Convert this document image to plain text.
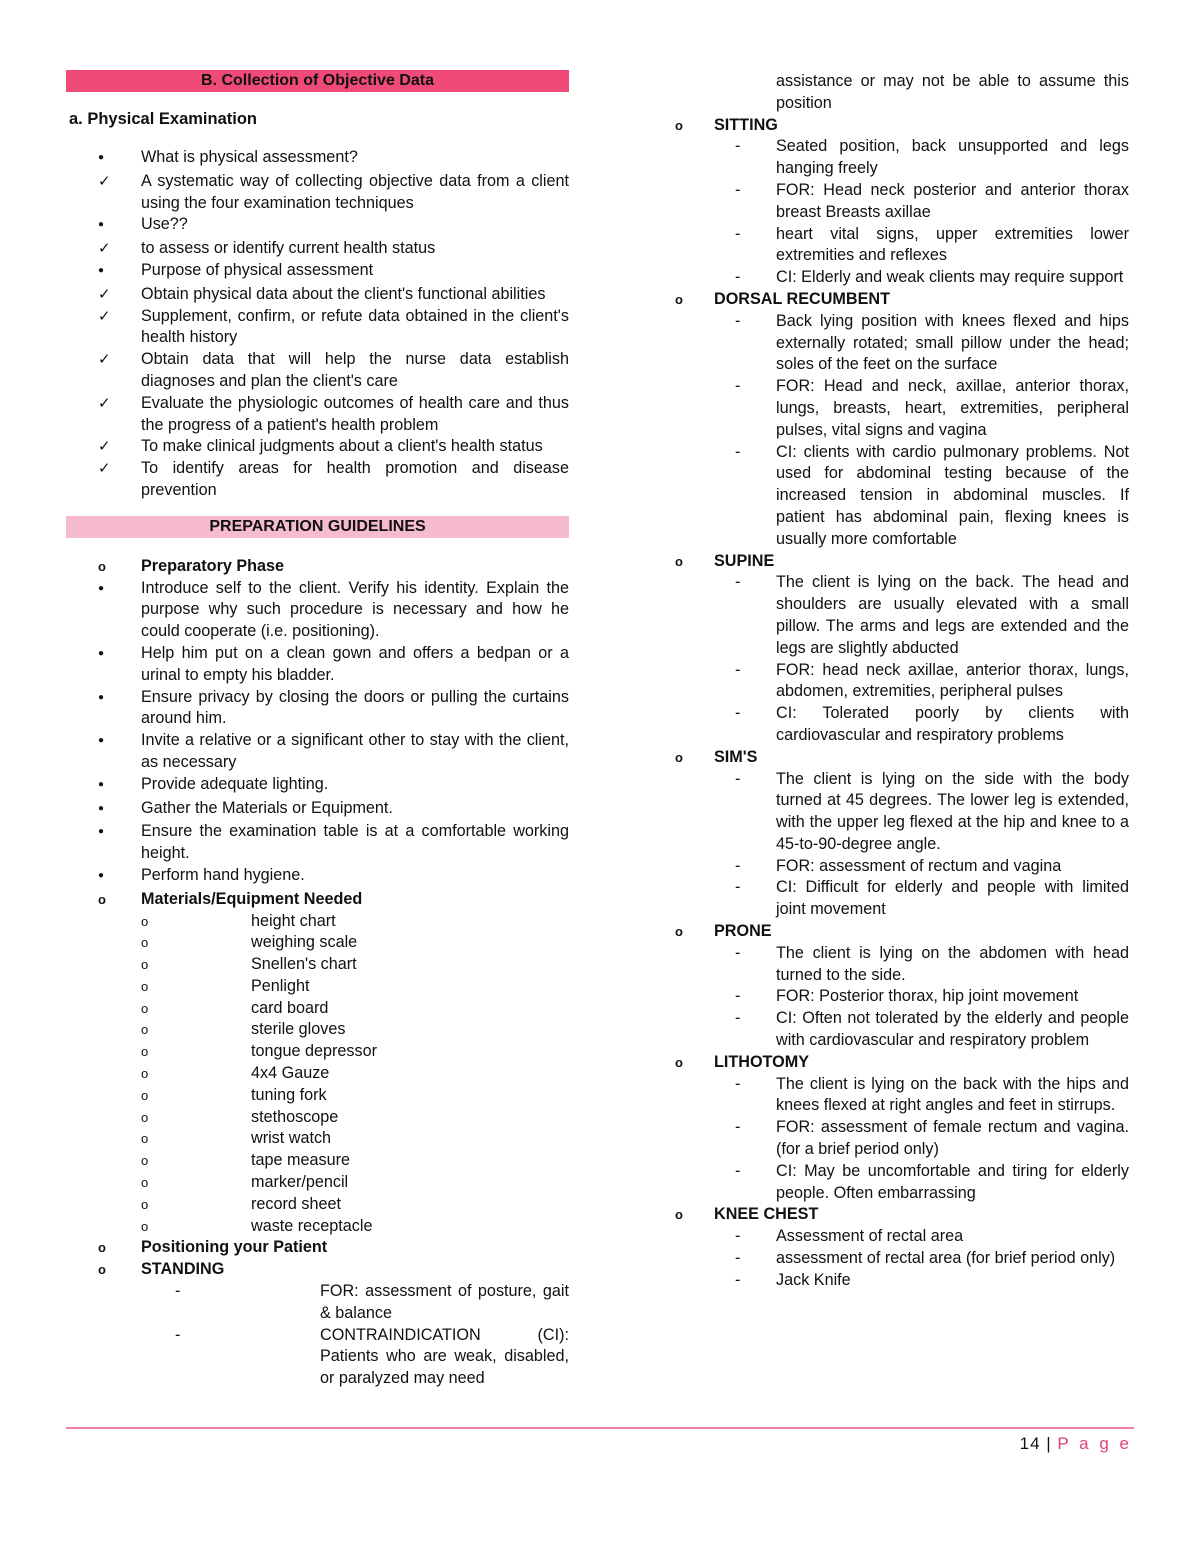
B. Collection of Objective Data
a. Physical Examination
●
What is physical assessment?
✓	A systematic way of collecting objective data from a client using the four examination techniques
●
Use??
✓	to assess or identify current health status
●
Purpose of physical assessment
✓	Obtain physical data about the client's functional abilities
✓	Supplement, confirm, or refute data obtained in the client's health history
✓	Obtain data that will help the nurse data establish diagnoses and plan the client's care
✓	Evaluate the physiologic outcomes of health care and thus the progress of a patient's health problem
✓	To make clinical judgments about a client's health status
✓	To identify areas for health promotion and disease prevention
PREPARATION GUIDELINES
o	Preparatory Phase
●
Introduce self to the client. Verify his identity. Explain the purpose why such procedure is necessary and how he could cooperate (i.e. positioning).
●
Help him put on a clean gown and offers a bedpan or a urinal to empty his bladder.
●
Ensure privacy by closing the doors or pulling the curtains around him.
●
Invite a relative or a significant other to stay with the client, as necessary
●
Provide adequate lighting.
●
Gather the Materials or Equipment.
●
Ensure the examination table is at a comfortable working height.
●
Perform hand hygiene.
o	Materials/Equipment Needed
o	height chart
o	weighing scale
o	Snellen's chart
o	Penlight
o	card board
o	sterile gloves
o	tongue depressor
o	4x4 Gauze
o	tuning fork
o	stethoscope
o	wrist watch
o	tape measure
o	marker/pencil
o	record sheet
o	waste receptacle
o	Positioning your Patient
o	STANDING
-	FOR: assessment of posture, gait & balance
-	CONTRAINDICATION (CI): Patients who are weak, disabled, or paralyzed may need
assistance or may not be able to assume this position
o	SITTING
-	Seated position, back unsupported and legs hanging freely
-	FOR: Head neck posterior and anterior thorax breast Breasts axillae
-	heart vital signs, upper extremities lower extremities and reflexes
-	CI: Elderly and weak clients may require support
o	DORSAL RECUMBENT
-	Back lying position with knees flexed and hips externally rotated; small pillow under the head; soles of the feet on the surface
-	FOR: Head and neck, axillae, anterior thorax, lungs, breasts, heart, extremities, peripheral pulses, vital signs and vagina
-	CI: clients with cardio pulmonary problems. Not used for abdominal testing because of the increased tension in abdominal muscles. If patient has abdominal pain, flexing knees is usually more comfortable
o	SUPINE
-	The client is lying on the back. The head and shoulders are usually elevated with a small pillow. The arms and legs are extended and the legs are slightly abducted
-	FOR: head neck axillae, anterior thorax, lungs, abdomen, extremities, peripheral pulses
-	CI: Tolerated poorly by clients with cardiovascular and respiratory problems
o	SIM'S
-	The client is lying on the side with the body turned at 45 degrees. The lower leg is extended, with the upper leg flexed at the hip and knee to a 45-to-90-degree angle.
-	FOR: assessment of rectum and vagina
-	CI: Difficult for elderly and people with limited joint movement
o	PRONE
-	The client is lying on the abdomen with head turned to the side.
-	FOR: Posterior thorax, hip joint movement
-	CI: Often not tolerated by the elderly and people with cardiovascular and respiratory problem
o	LITHOTOMY
-	The client is lying on the back with the hips and knees flexed at right angles and feet in stirrups.
-	FOR: assessment of female rectum and vagina. (for a brief period only)
-	CI: May be uncomfortable and tiring for elderly people. Often embarrassing
o	KNEE CHEST
-	Assessment of rectal area
-	assessment of rectal area (for brief period only)
-	Jack Knife
14 | P a g e
